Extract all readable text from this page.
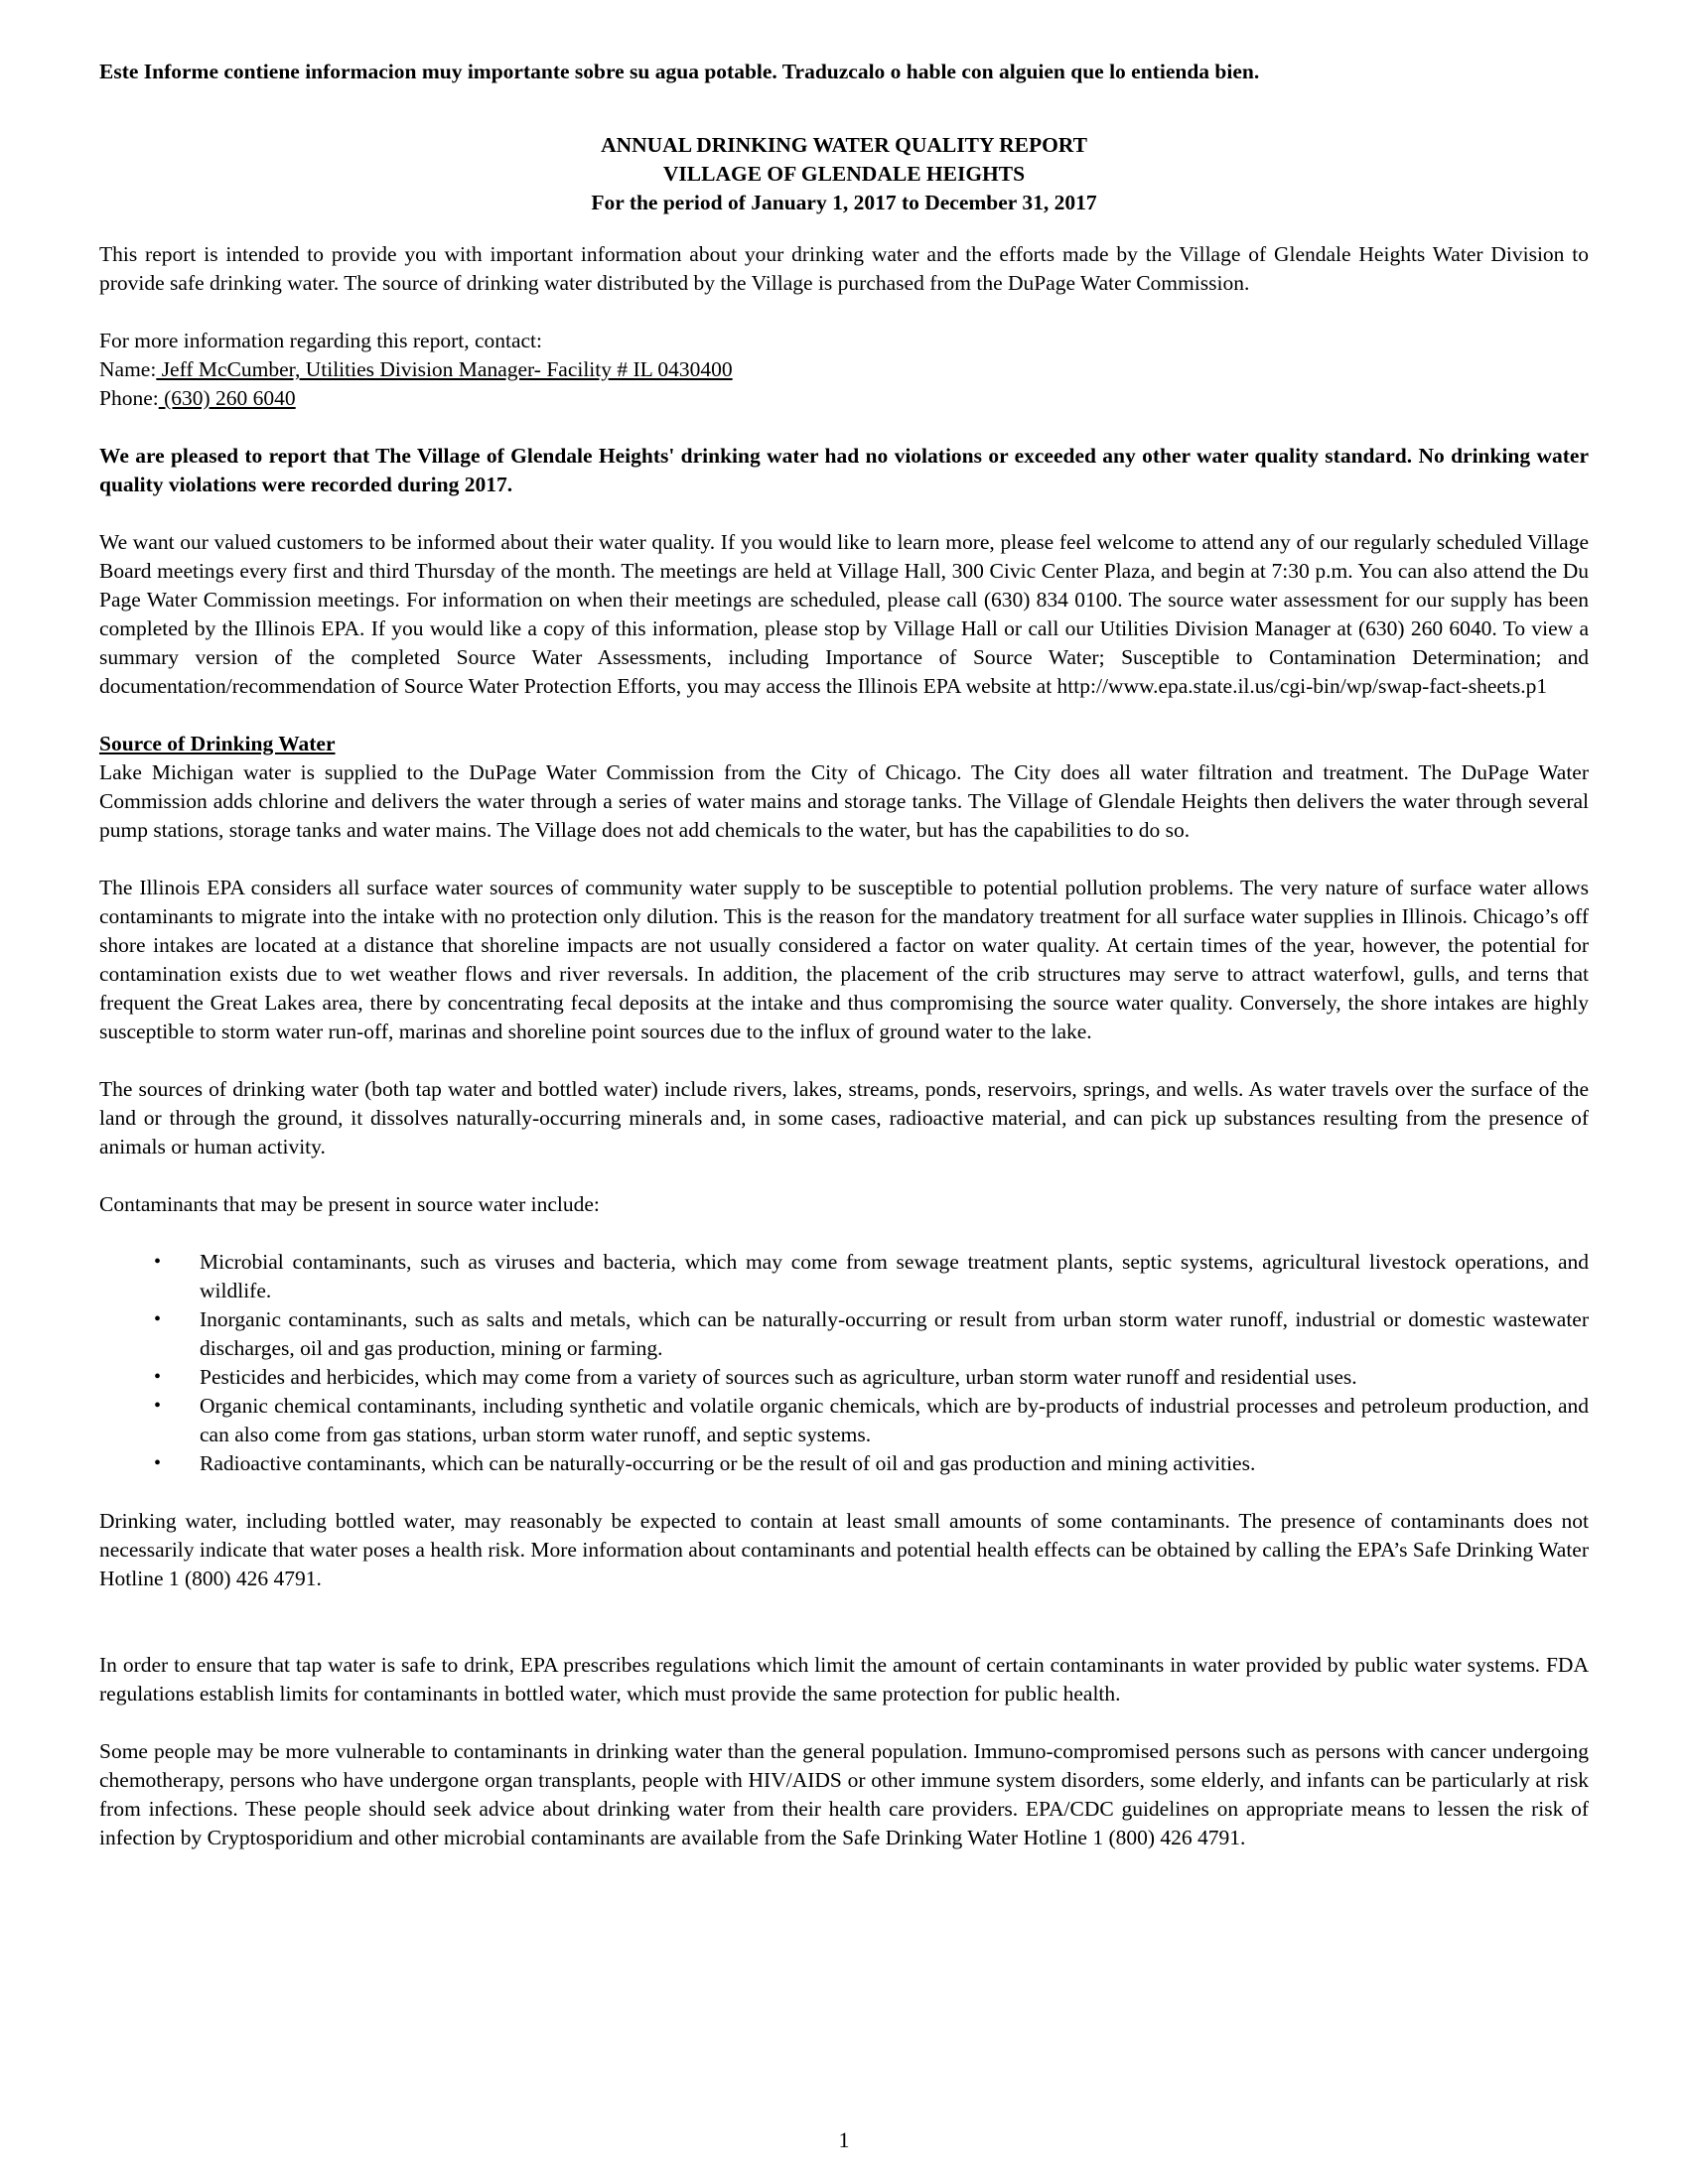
Este Informe contiene informacion muy importante sobre su agua potable. Traduzcalo o hable con alguien que lo entienda bien.
ANNUAL DRINKING WATER QUALITY REPORT
VILLAGE OF GLENDALE HEIGHTS
For the period of January 1, 2017 to December 31, 2017

This report is intended to provide you with important information about your drinking water and the efforts made by the Village of Glendale Heights Water Division to provide safe drinking water. The source of drinking water distributed by the Village is purchased from the DuPage Water Commission.

For more information regarding this report, contact:
Name: Jeff McCumber, Utilities Division Manager- Facility # IL 0430400
Phone: (630) 260 6040

We are pleased to report that The Village of Glendale Heights' drinking water had no violations or exceeded any other water quality standard. No drinking water quality violations were recorded during 2017.

We want our valued customers to be informed about their water quality. If you would like to learn more, please feel welcome to attend any of our regularly scheduled Village Board meetings every first and third Thursday of the month. The meetings are held at Village Hall, 300 Civic Center Plaza, and begin at 7:30 p.m. You can also attend the Du Page Water Commission meetings. For information on when their meetings are scheduled, please call (630) 834 0100. The source water assessment for our supply has been completed by the Illinois EPA. If you would like a copy of this information, please stop by Village Hall or call our Utilities Division Manager at (630) 260 6040. To view a summary version of the completed Source Water Assessments, including Importance of Source Water; Susceptible to Contamination Determination; and documentation/recommendation of Source Water Protection Efforts, you may access the Illinois EPA website at http://www.epa.state.il.us/cgi-bin/wp/swap-fact-sheets.p1

Source of Drinking Water

Lake Michigan water is supplied to the DuPage Water Commission from the City of Chicago. The City does all water filtration and treatment. The DuPage Water Commission adds chlorine and delivers the water through a series of water mains and storage tanks. The Village of Glendale Heights then delivers the water through several pump stations, storage tanks and water mains. The Village does not add chemicals to the water, but has the capabilities to do so.

The Illinois EPA considers all surface water sources of community water supply to be susceptible to potential pollution problems. The very nature of surface water allows contaminants to migrate into the intake with no protection only dilution. This is the reason for the mandatory treatment for all surface water supplies in Illinois. Chicago’s off shore intakes are located at a distance that shoreline impacts are not usually considered a factor on water quality. At certain times of the year, however, the potential for contamination exists due to wet weather flows and river reversals. In addition, the placement of the crib structures may serve to attract waterfowl, gulls, and terns that frequent the Great Lakes area, there by concentrating fecal deposits at the intake and thus compromising the source water quality. Conversely, the shore intakes are highly susceptible to storm water run-off, marinas and shoreline point sources due to the influx of ground water to the lake.

The sources of drinking water (both tap water and bottled water) include rivers, lakes, streams, ponds, reservoirs, springs, and wells. As water travels over the surface of the land or through the ground, it dissolves naturally-occurring minerals and, in some cases, radioactive material, and can pick up substances resulting from the presence of animals or human activity.

Contaminants that may be present in source water include:

• Microbial contaminants, such as viruses and bacteria, which may come from sewage treatment plants, septic systems, agricultural livestock operations, and wildlife.
• Inorganic contaminants, such as salts and metals, which can be naturally-occurring or result from urban storm water runoff, industrial or domestic wastewater discharges, oil and gas production, mining or farming.
• Pesticides and herbicides, which may come from a variety of sources such as agriculture, urban storm water runoff and residential uses.
• Organic chemical contaminants, including synthetic and volatile organic chemicals, which are by-products of industrial processes and petroleum production, and can also come from gas stations, urban storm water runoff, and septic systems.
• Radioactive contaminants, which can be naturally-occurring or be the result of oil and gas production and mining activities.

Drinking water, including bottled water, may reasonably be expected to contain at least small amounts of some contaminants. The presence of contaminants does not necessarily indicate that water poses a health risk. More information about contaminants and potential health effects can be obtained by calling the EPA’s Safe Drinking Water Hotline 1 (800) 426 4791.

In order to ensure that tap water is safe to drink, EPA prescribes regulations which limit the amount of certain contaminants in water provided by public water systems. FDA regulations establish limits for contaminants in bottled water, which must provide the same protection for public health.

Some people may be more vulnerable to contaminants in drinking water than the general population. Immuno-compromised persons such as persons with cancer undergoing chemotherapy, persons who have undergone organ transplants, people with HIV/AIDS or other immune system disorders, some elderly, and infants can be particularly at risk from infections. These people should seek advice about drinking water from their health care providers. EPA/CDC guidelines on appropriate means to lessen the risk of infection by Cryptosporidium and other microbial contaminants are available from the Safe Drinking Water Hotline 1 (800) 426 4791.

1
